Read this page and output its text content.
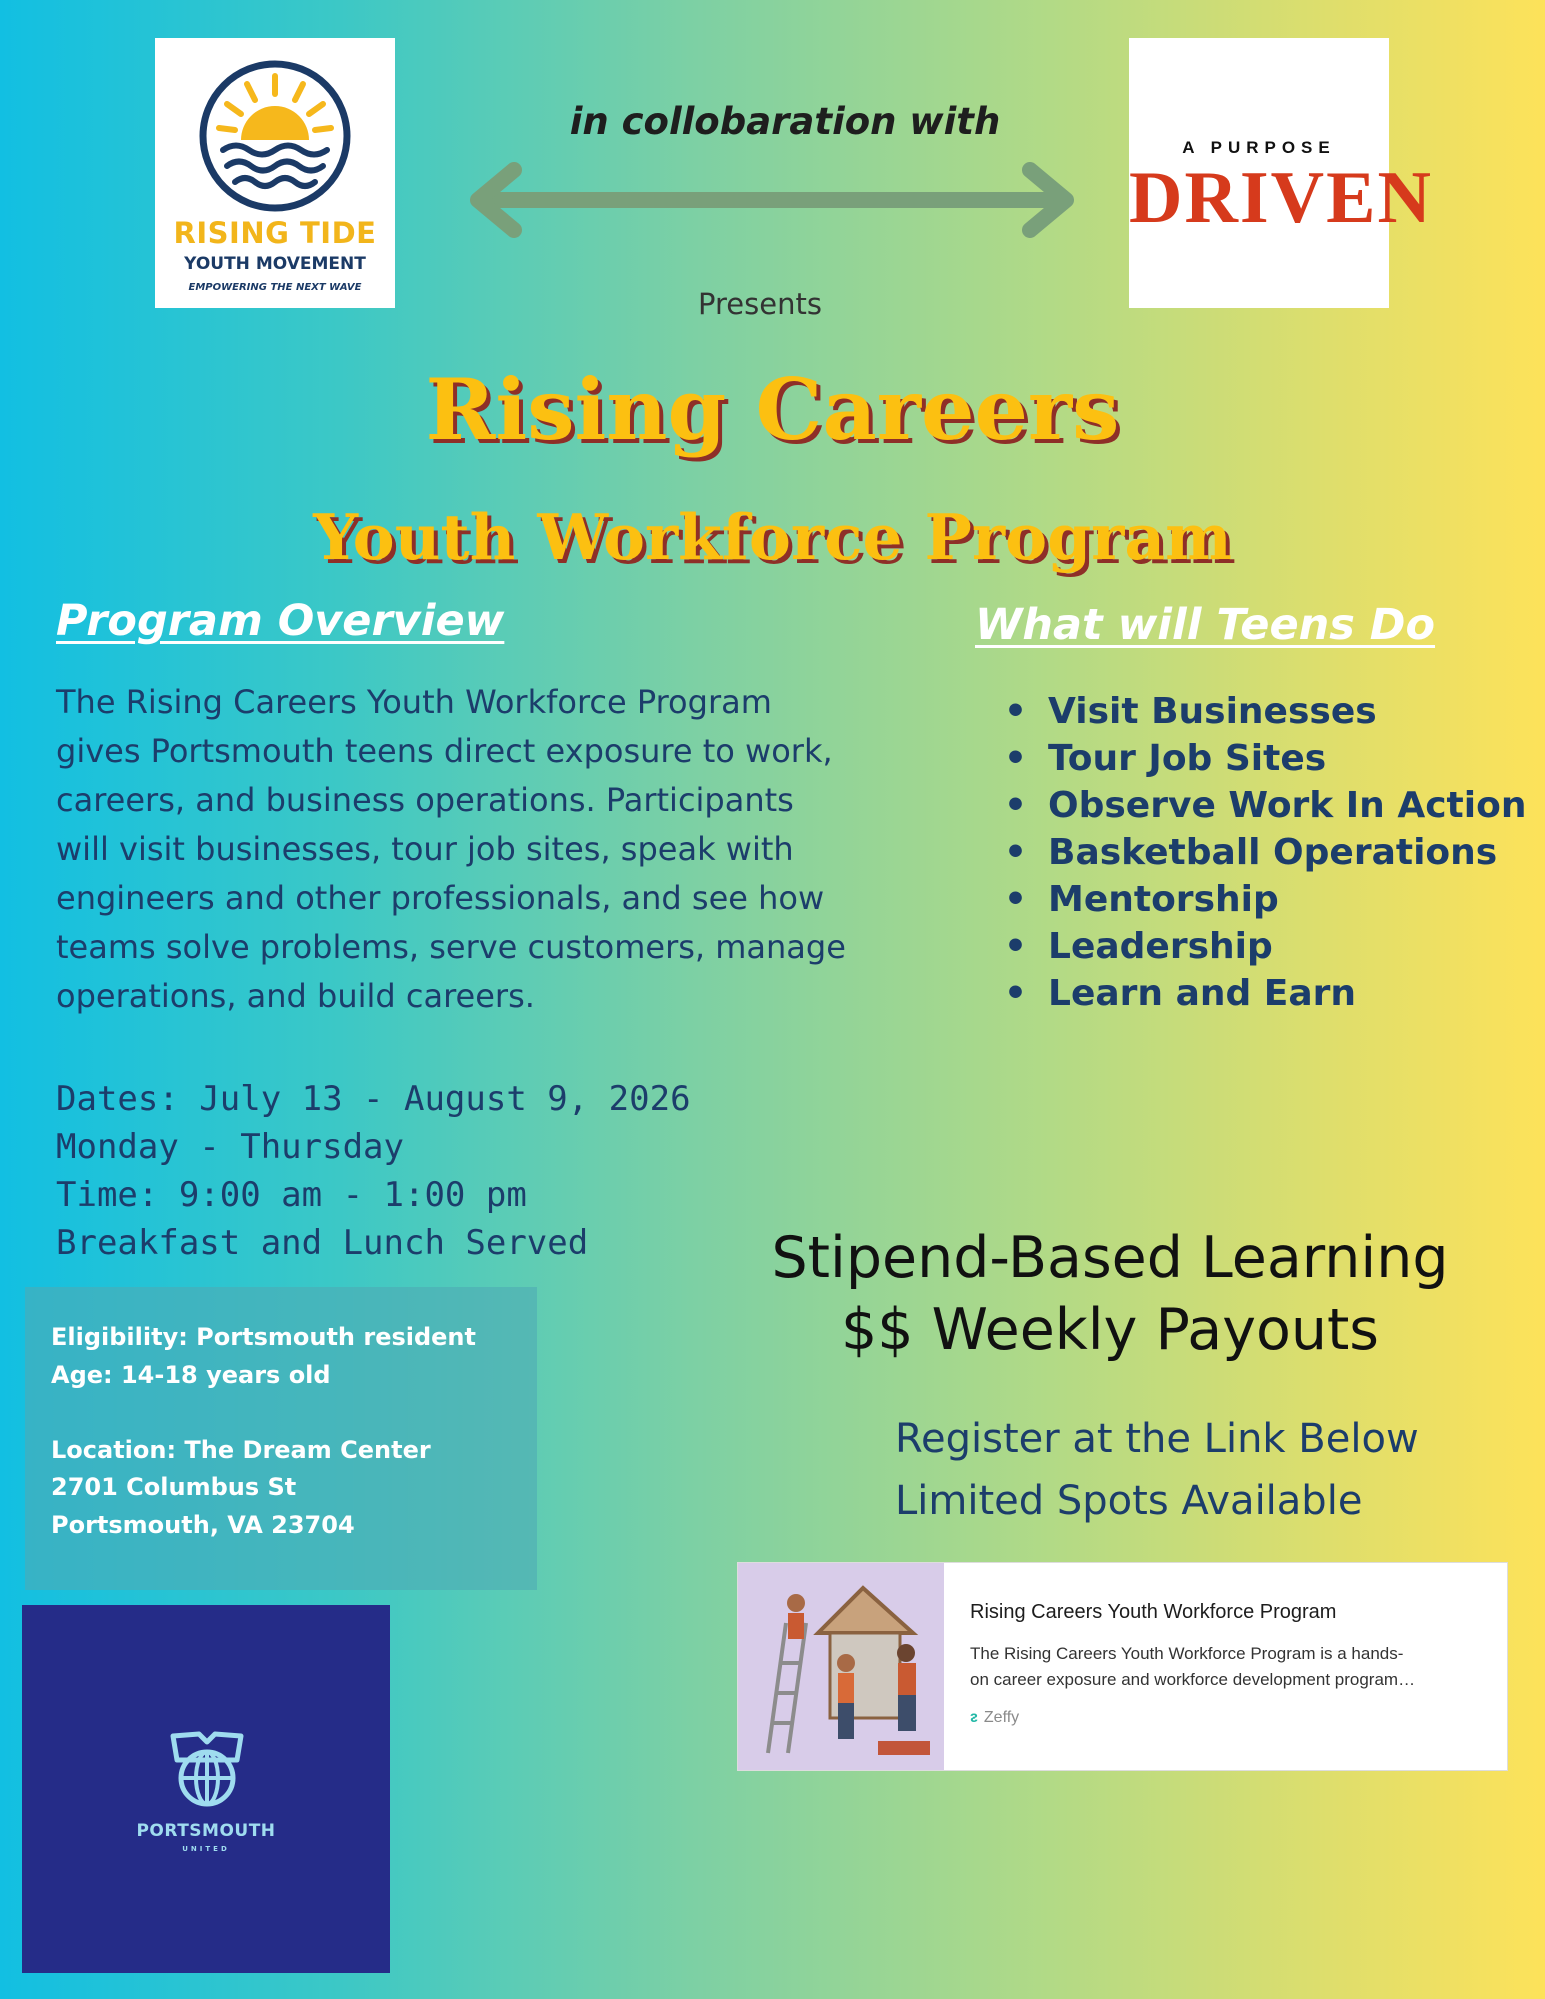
RISING TIDE
YOUTH MOVEMENT
EMPOWERING THE NEXT WAVE
in collobaration with
A PURPOSE
DRIVEN
Presents
Rising Careers
Youth Workforce Program
Program Overview
The Rising Careers Youth Workforce Program
gives Portsmouth teens direct exposure to work,
careers, and business operations. Participants
will visit businesses, tour job sites, speak with
engineers and other professionals, and see how
teams solve problems, serve customers, manage
operations, and build careers.
What will Teens Do
• Visit Businesses
• Tour Job Sites
• Observe Work In Action
• Basketball Operations
• Mentorship
• Leadership
• Learn and Earn
Dates: July 13 - August 9, 2026
Monday - Thursday
Time: 9:00 am - 1:00 pm
Breakfast and Lunch Served
Eligibility: Portsmouth resident
Age: 14-18 years old
Location: The Dream Center
2701 Columbus St
Portsmouth, VA 23704
PORTSMOUTH
UNITED
Stipend-Based Learning
$$ Weekly Payouts
Register at the Link Below
Limited Spots Available
Rising Careers Youth Workforce Program
The Rising Careers Youth Workforce Program is a hands-
on career exposure and workforce development program…
ᴤ Zeffy
